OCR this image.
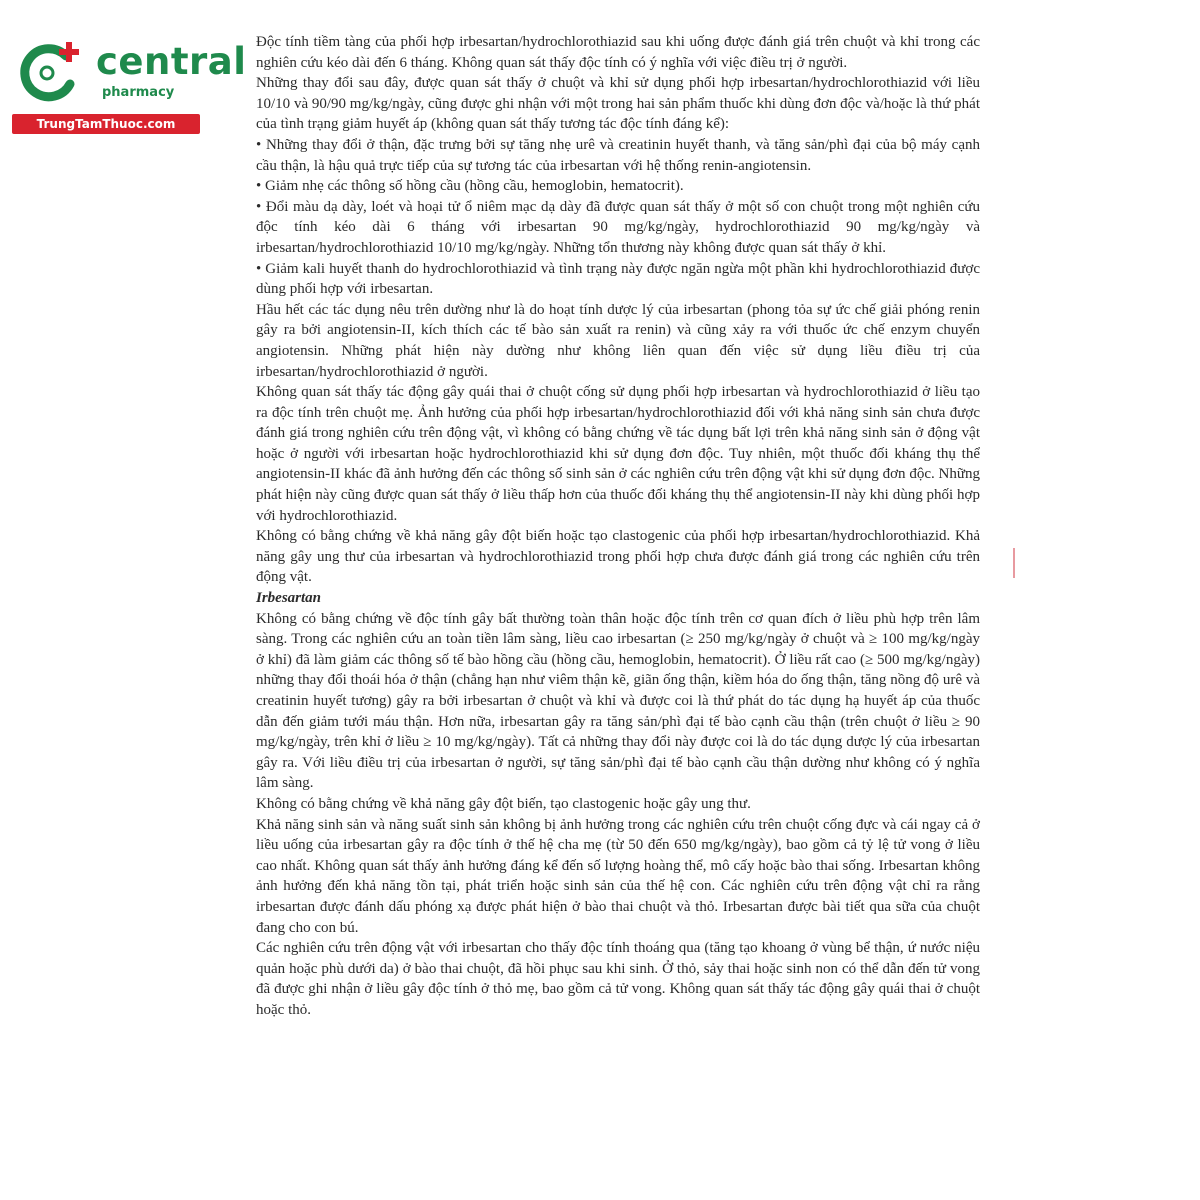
central
pharmacy
TrungTamThuoc.com

Độc tính tiềm tàng của phối hợp irbesartan/hydrochlorothiazid sau khi uống được đánh giá trên chuột và khỉ trong các nghiên cứu kéo dài đến 6 tháng. Không quan sát thấy độc tính có ý nghĩa với việc điều trị ở người.

Những thay đổi sau đây, được quan sát thấy ở chuột và khỉ sử dụng phối hợp irbesartan/hydrochlorothiazid với liều 10/10 và 90/90 mg/kg/ngày, cũng được ghi nhận với một trong hai sản phẩm thuốc khi dùng đơn độc và/hoặc là thứ phát của tình trạng giảm huyết áp (không quan sát thấy tương tác độc tính đáng kể):

• Những thay đổi ở thận, đặc trưng bởi sự tăng nhẹ urê và creatinin huyết thanh, và tăng sản/phì đại của bộ máy cạnh cầu thận, là hậu quả trực tiếp của sự tương tác của irbesartan với hệ thống renin-angiotensin.

• Giảm nhẹ các thông số hồng cầu (hồng cầu, hemoglobin, hematocrit).

• Đổi màu dạ dày, loét và hoại tử ổ niêm mạc dạ dày đã được quan sát thấy ở một số con chuột trong một nghiên cứu độc tính kéo dài 6 tháng với irbesartan 90 mg/kg/ngày, hydrochlorothiazid 90 mg/kg/ngày và irbesartan/hydrochlorothiazid 10/10 mg/kg/ngày. Những tổn thương này không được quan sát thấy ở khỉ.

• Giảm kali huyết thanh do hydrochlorothiazid và tình trạng này được ngăn ngừa một phần khi hydrochlorothiazid được dùng phối hợp với irbesartan.

Hầu hết các tác dụng nêu trên dường như là do hoạt tính dược lý của irbesartan (phong tỏa sự ức chế giải phóng renin gây ra bởi angiotensin-II, kích thích các tế bào sản xuất ra renin) và cũng xảy ra với thuốc ức chế enzym chuyển angiotensin. Những phát hiện này dường như không liên quan đến việc sử dụng liều điều trị của irbesartan/hydrochlorothiazid ở người.

Không quan sát thấy tác động gây quái thai ở chuột cống sử dụng phối hợp irbesartan và hydrochlorothiazid ở liều tạo ra độc tính trên chuột mẹ. Ảnh hưởng của phối hợp irbesartan/hydrochlorothiazid đối với khả năng sinh sản chưa được đánh giá trong nghiên cứu trên động vật, vì không có bằng chứng về tác dụng bất lợi trên khả năng sinh sản ở động vật hoặc ở người với irbesartan hoặc hydrochlorothiazid khi sử dụng đơn độc. Tuy nhiên, một thuốc đối kháng thụ thể angiotensin-II khác đã ảnh hưởng đến các thông số sinh sản ở các nghiên cứu trên động vật khi sử dụng đơn độc. Những phát hiện này cũng được quan sát thấy ở liều thấp hơn của thuốc đối kháng thụ thể angiotensin-II này khi dùng phối hợp với hydrochlorothiazid.

Không có bằng chứng về khả năng gây đột biến hoặc tạo clastogenic của phối hợp irbesartan/hydrochlorothiazid. Khả năng gây ung thư của irbesartan và hydrochlorothiazid trong phối hợp chưa được đánh giá trong các nghiên cứu trên động vật.

Irbesartan

Không có bằng chứng về độc tính gây bất thường toàn thân hoặc độc tính trên cơ quan đích ở liều phù hợp trên lâm sàng. Trong các nghiên cứu an toàn tiền lâm sàng, liều cao irbesartan (≥ 250 mg/kg/ngày ở chuột và ≥ 100 mg/kg/ngày ở khỉ) đã làm giảm các thông số tế bào hồng cầu (hồng cầu, hemoglobin, hematocrit). Ở liều rất cao (≥ 500 mg/kg/ngày) những thay đổi thoái hóa ở thận (chẳng hạn như viêm thận kẽ, giãn ống thận, kiềm hóa do ống thận, tăng nồng độ urê và creatinin huyết tương) gây ra bởi irbesartan ở chuột và khỉ và được coi là thứ phát do tác dụng hạ huyết áp của thuốc dẫn đến giảm tưới máu thận. Hơn nữa, irbesartan gây ra tăng sản/phì đại tế bào cạnh cầu thận (trên chuột ở liều ≥ 90 mg/kg/ngày, trên khỉ ở liều ≥ 10 mg/kg/ngày). Tất cả những thay đổi này được coi là do tác dụng dược lý của irbesartan gây ra. Với liều điều trị của irbesartan ở người, sự tăng sản/phì đại tế bào cạnh cầu thận dường như không có ý nghĩa lâm sàng.

Không có bằng chứng về khả năng gây đột biến, tạo clastogenic hoặc gây ung thư.

Khả năng sinh sản và năng suất sinh sản không bị ảnh hưởng trong các nghiên cứu trên chuột cống đực và cái ngay cả ở liều uống của irbesartan gây ra độc tính ở thế hệ cha mẹ (từ 50 đến 650 mg/kg/ngày), bao gồm cả tỷ lệ tử vong ở liều cao nhất. Không quan sát thấy ảnh hưởng đáng kể đến số lượng hoàng thể, mô cấy hoặc bào thai sống. Irbesartan không ảnh hưởng đến khả năng tồn tại, phát triển hoặc sinh sản của thế hệ con. Các nghiên cứu trên động vật chỉ ra rằng irbesartan được đánh dấu phóng xạ được phát hiện ở bào thai chuột và thỏ. Irbesartan được bài tiết qua sữa của chuột đang cho con bú.

Các nghiên cứu trên động vật với irbesartan cho thấy độc tính thoáng qua (tăng tạo khoang ở vùng bể thận, ứ nước niệu quản hoặc phù dưới da) ở bào thai chuột, đã hồi phục sau khi sinh. Ở thỏ, sảy thai hoặc sinh non có thể dẫn đến tử vong đã được ghi nhận ở liều gây độc tính ở thỏ mẹ, bao gồm cả tử vong. Không quan sát thấy tác động gây quái thai ở chuột hoặc thỏ.
